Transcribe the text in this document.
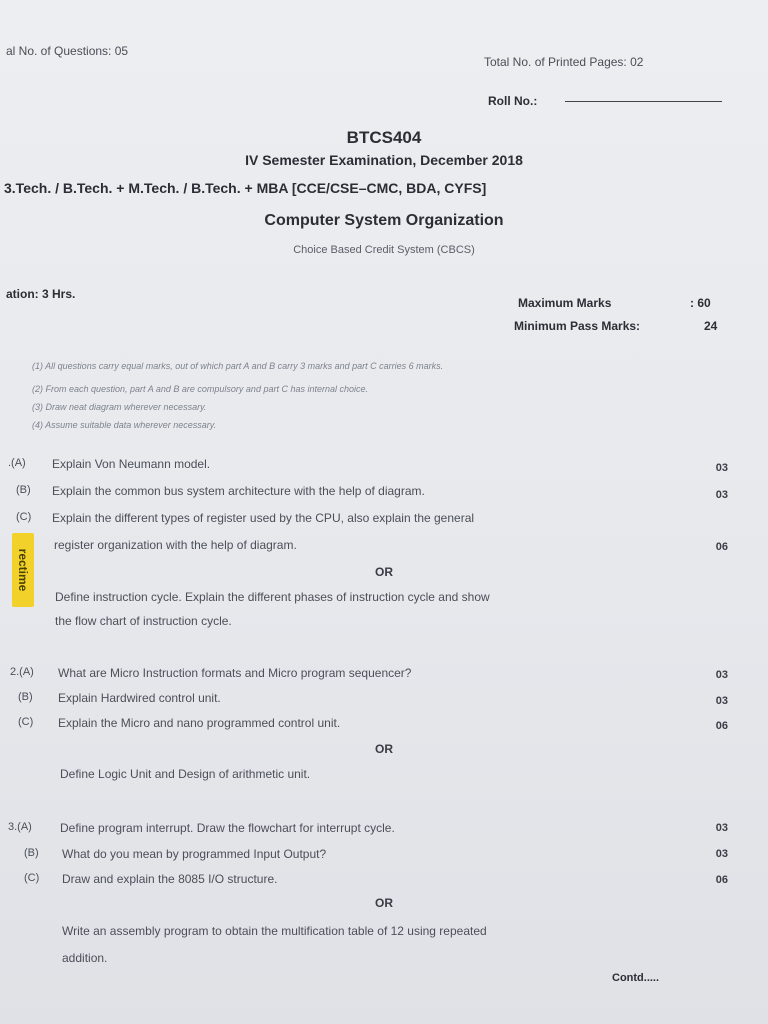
al No. of Questions: 05
Total No. of Printed Pages: 02
Roll No.:
BTCS404
IV Semester Examination, December 2018
3.Tech. / B.Tech. + M.Tech. / B.Tech. + MBA [CCE/CSE–CMC, BDA, CYFS]
Computer System Organization
Choice Based Credit System (CBCS)
ation: 3 Hrs.
Maximum Marks	: 60
Minimum Pass Marks:	24
(1) All questions carry equal marks, out of which part A and B carry 3 marks and part C carries 6 marks.
(2) From each question, part A and B are compulsory and part C has internal choice.
(3) Draw neat diagram wherever necessary.
(4) Assume suitable data wherever necessary.
rectime
.(A) Explain Von Neumann model.	03
(B) Explain the common bus system architecture with the help of diagram.	03
(C) Explain the different types of register used by the CPU, also explain the general
register organization with the help of diagram.	06
OR
Define instruction cycle. Explain the different phases of instruction cycle and show
the flow chart of instruction cycle.
2.(A) What are Micro Instruction formats and Micro program sequencer?	03
(B) Explain Hardwired control unit.	03
(C) Explain the Micro and nano programmed control unit.	06
OR
Define Logic Unit and Design of arithmetic unit.
3.(A) Define program interrupt. Draw the flowchart for interrupt cycle.	03
(B) What do you mean by programmed Input Output?	03
(C) Draw and explain the 8085 I/O structure.	06
OR
Write an assembly program to obtain the multification table of 12 using repeated
addition.
Contd.....
